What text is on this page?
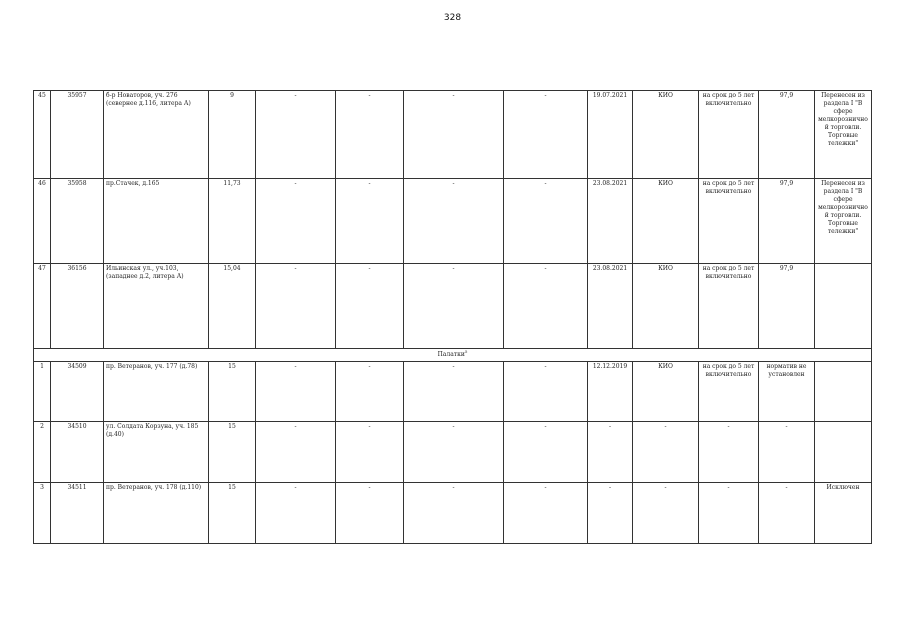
328
45	35957	б-р Новаторов, уч. 276 (севернее д.116, литера А)	9	-	-	-	-	19.07.2021	КИО	на срок до 5 лет включительно	97,9	Перенесен из раздела I "В сфере мелкорозничной торговли. Торговые тележки"
46	35958	пр.Стачек, д.165	11,73	-	-	-	-	23.08.2021	КИО	на срок до 5 лет включительно	97,9	Перенесен из раздела I "В сфере мелкорозничной торговли. Торговые тележки"
47	36156	Ильинская ул., уч.103, (западнее д.2, литера А)	15,04	-	-	-	-	23.08.2021	КИО	на срок до 5 лет включительно	97,9	
Палатки$^5$
1	34509	пр. Ветеранов, уч. 177 (д.78)	15	-	-	-	-	12.12.2019	КИО	на срок до 5 лет включительно	норматив не установлен	
2	34510	ул. Солдата Корзуна, уч. 185 (д.40)	15	-	-	-	-	-	-	-	-	
3	34511	пр. Ветеранов, уч. 178 (д.110)	15	-	-	-	-	-	-	-	-	Исключен
